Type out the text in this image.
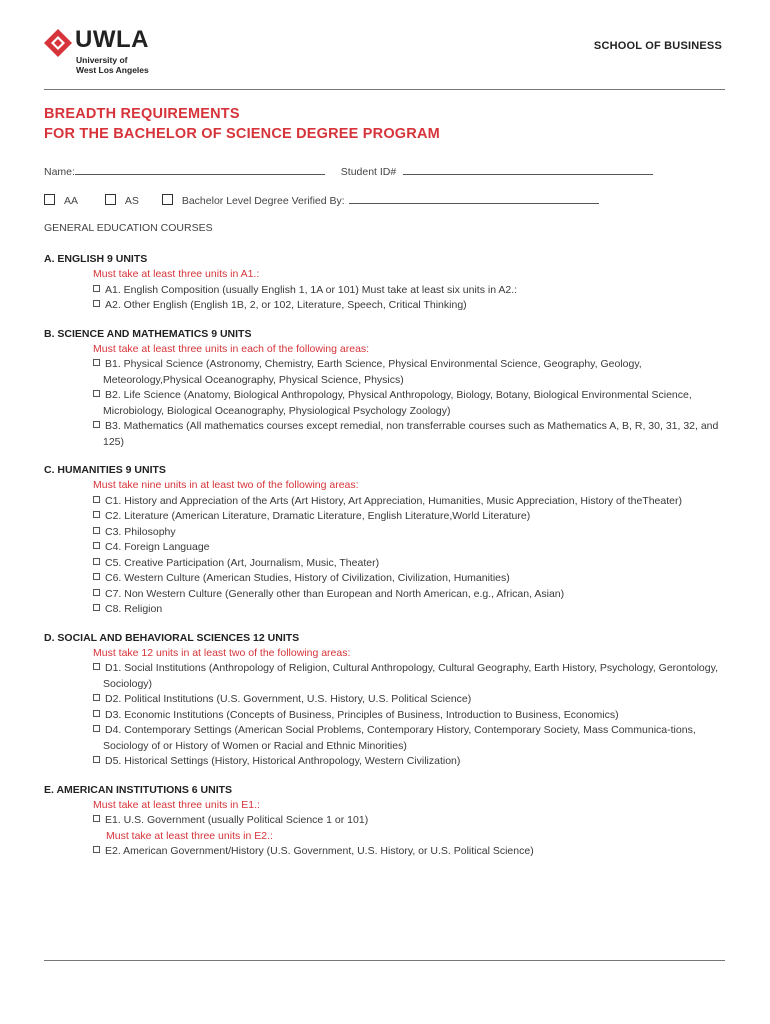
UWLA
University of
West Los Angeles
SCHOOL OF BUSINESS
BREADTH REQUIREMENTS
FOR THE BACHELOR OF SCIENCE DEGREE PROGRAM
Name:	Student ID#
AA	AS	Bachelor Level Degree Verified By:
GENERAL EDUCATION COURSES
A. ENGLISH 9 UNITS
Must take at least three units in A1.:
A1. English Composition (usually English 1, 1A or 101) Must take at least six units in A2.:
A2. Other English (English 1B, 2, or 102, Literature, Speech, Critical Thinking)
B. SCIENCE AND MATHEMATICS 9 UNITS
Must take at least three units in each of the following areas:
B1. Physical Science (Astronomy, Chemistry, Earth Science, Physical Environmental Science, Geography, Geology, Meteorology,Physical Oceanography, Physical Science, Physics)
B2. Life Science (Anatomy, Biological Anthropology, Physical Anthropology, Biology, Botany, Biological Environmental Science, Microbiology, Biological Oceanography, Physiological Psychology Zoology)
B3. Mathematics (All mathematics courses except remedial, non transferrable courses such as Mathematics A, B, R, 30, 31, 32, and 125)
C. HUMANITIES 9 UNITS
Must take nine units in at least two of the following areas:
C1. History and Appreciation of the Arts (Art History, Art Appreciation, Humanities, Music Appreciation, History of theTheater)
C2. Literature (American Literature, Dramatic Literature, English Literature,World Literature)
C3. Philosophy
C4. Foreign Language
C5. Creative Participation (Art, Journalism, Music, Theater)
C6. Western Culture (American Studies, History of Civilization, Civilization, Humanities)
C7. Non Western Culture (Generally other than European and North American, e.g., African, Asian)
C8. Religion
D. SOCIAL AND BEHAVIORAL SCIENCES 12 UNITS
Must take 12 units in at least two of the following areas:
D1. Social Institutions (Anthropology of Religion, Cultural Anthropology, Cultural Geography, Earth History, Psychology, Gerontology, Sociology)
D2. Political Institutions (U.S. Government, U.S. History, U.S. Political Science)
D3. Economic Institutions (Concepts of Business, Principles of Business, Introduction to Business, Economics)
D4. Contemporary Settings (American Social Problems, Contemporary History, Contemporary Society, Mass Communica-tions, Sociology of or History of Women or Racial and Ethnic Minorities)
D5. Historical Settings (History, Historical Anthropology, Western Civilization)
E. AMERICAN INSTITUTIONS 6 UNITS
Must take at least three units in E1.:
E1. U.S. Government (usually Political Science 1 or 101)
Must take at least three units in E2.:
E2. American Government/History (U.S. Government, U.S. History, or U.S. Political Science)
